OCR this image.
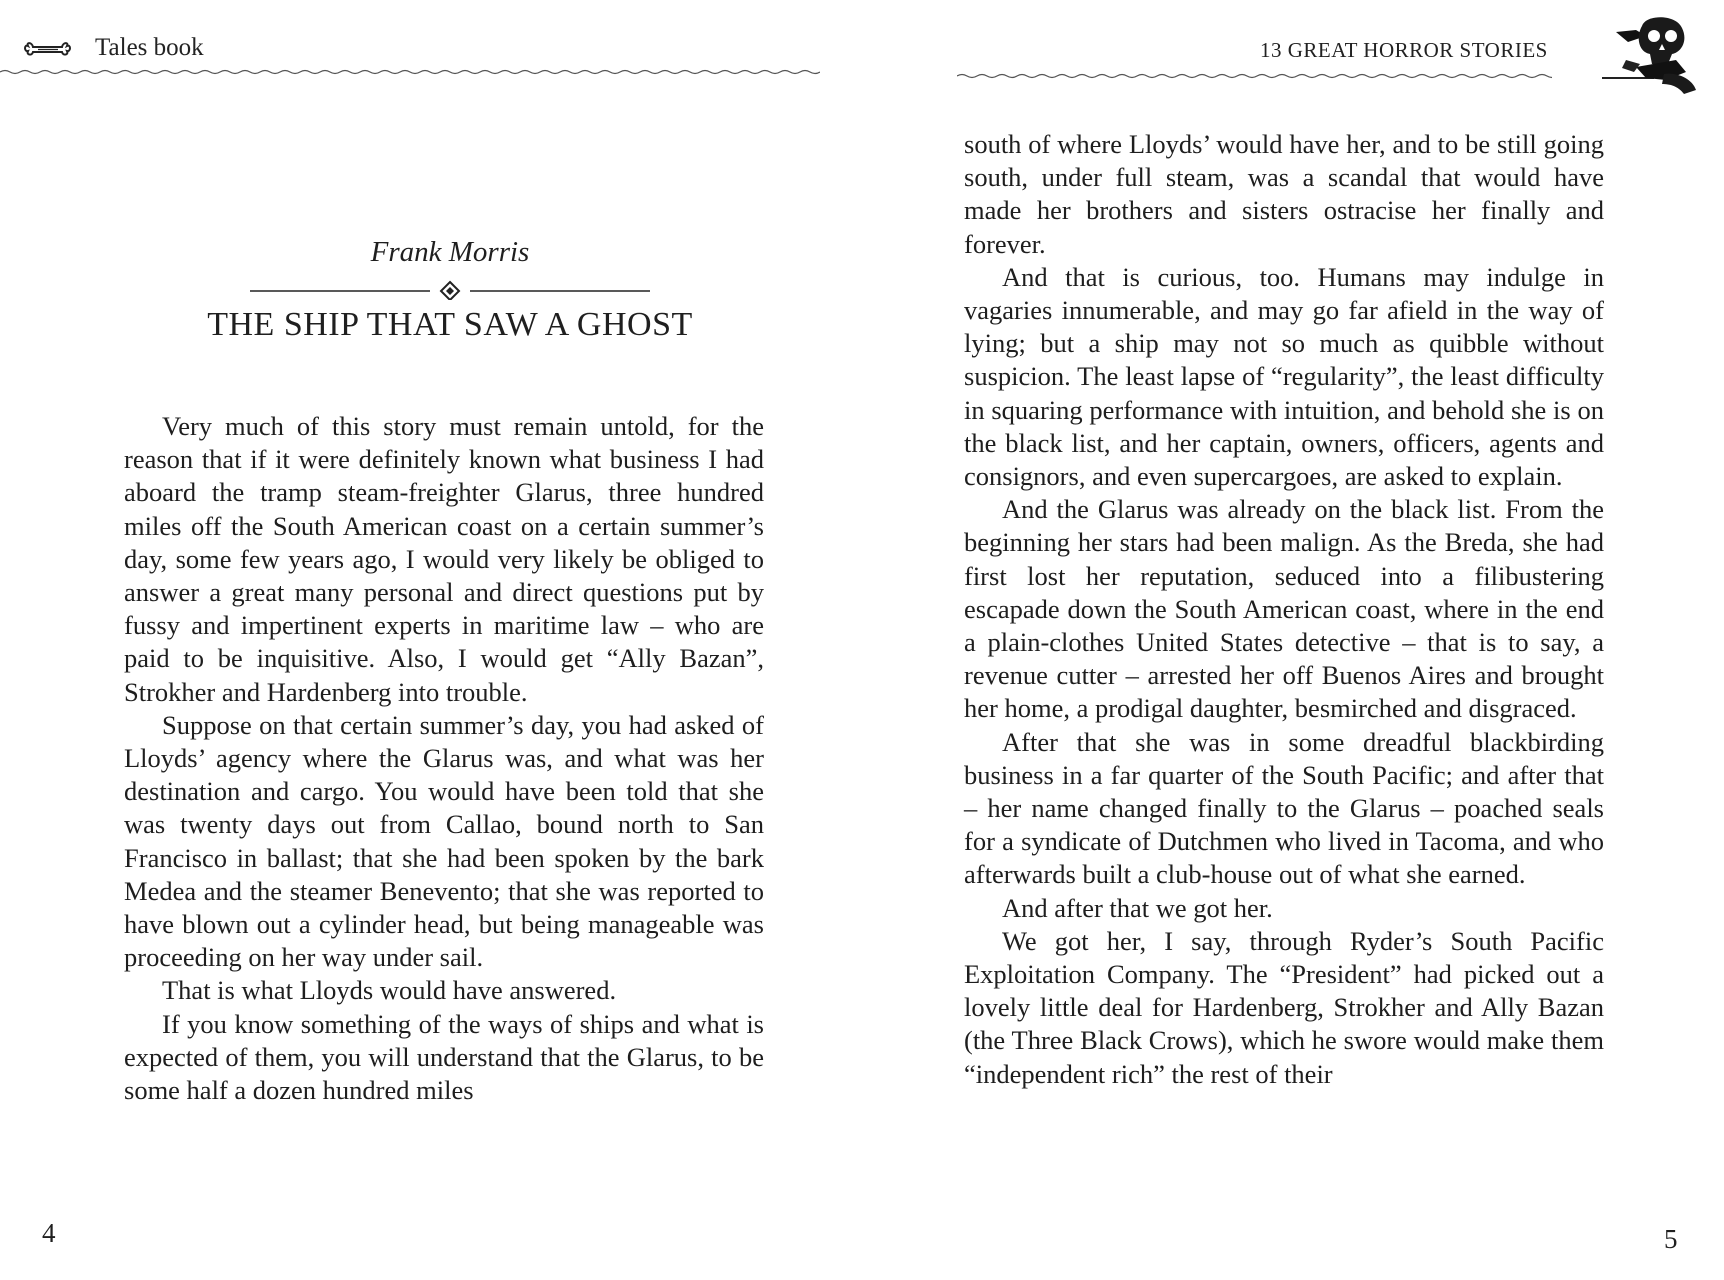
Tales book
Frank Morris
THE SHIP THAT SAW A GHOST

Very much of this story must remain untold, for the reason that if it were definitely known what business I had aboard the tramp steam-freighter Glarus, three hundred miles off the South American coast on a certain summer’s day, some few years ago, I would very likely be obliged to answer a great many personal and direct questions put by fussy and impertinent experts in maritime law – who are paid to be inquisitive. Also, I would get “Ally Bazan”, Strokher and Hardenberg into trouble.

Suppose on that certain summer’s day, you had asked of Lloyds’ agency where the Glarus was, and what was her destination and cargo. You would have been told that she was twenty days out from Callao, bound north to San Francisco in ballast; that she had been spoken by the bark Medea and the steamer Benevento; that she was reported to have blown out a cylinder head, but being manageable was proceeding on her way under sail.

That is what Lloyds would have answered.

If you know something of the ways of ships and what is expected of them, you will understand that the Glarus, to be some half a dozen hundred miles

4
13 GREAT HORROR STORIES

south of where Lloyds’ would have her, and to be still going south, under full steam, was a scandal that would have made her brothers and sisters ostracise her finally and forever.

And that is curious, too. Humans may indulge in vagaries innumerable, and may go far afield in the way of lying; but a ship may not so much as quibble without suspicion. The least lapse of “regularity”, the least difficulty in squaring performance with intuition, and behold she is on the black list, and her captain, owners, officers, agents and consignors, and even supercargoes, are asked to explain.

And the Glarus was already on the black list. From the beginning her stars had been malign. As the Breda, she had first lost her reputation, seduced into a filibustering escapade down the South American coast, where in the end a plain-clothes United States detective – that is to say, a revenue cutter – arrested her off Buenos Aires and brought her home, a prodigal daughter, besmirched and disgraced.

After that she was in some dreadful blackbirding business in a far quarter of the South Pacific; and after that – her name changed finally to the Glarus – poached seals for a syndicate of Dutchmen who lived in Tacoma, and who afterwards built a club-house out of what she earned.

And after that we got her.

We got her, I say, through Ryder’s South Pacific Exploitation Company. The “President” had picked out a lovely little deal for Hardenberg, Strokher and Ally Bazan (the Three Black Crows), which he swore would make them “independent rich” the rest of their

5
